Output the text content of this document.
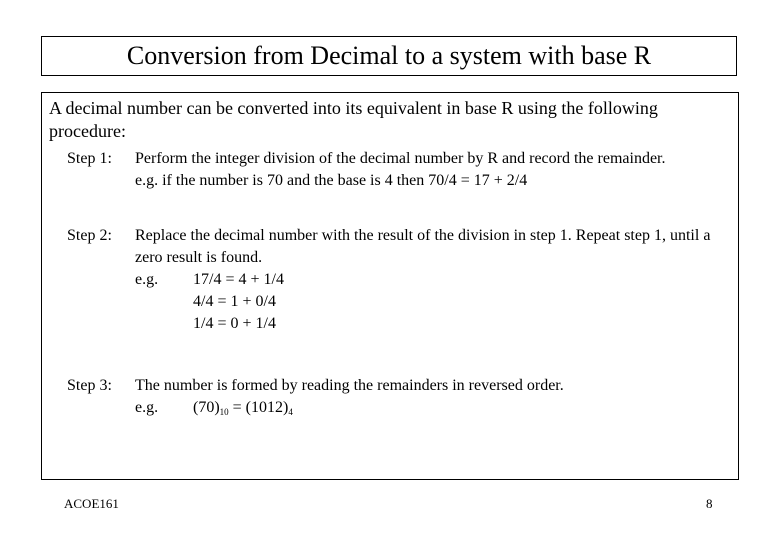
Conversion from Decimal to a system with base R
A decimal number can be converted into its equivalent in base R using the following procedure:
Step 1:	Perform the integer division of the decimal number by R and record the remainder.
e.g. if the number is 70 and the base is 4 then 70/4 = 17 + 2/4
Step 2:	Replace the decimal number with the result of the division in step 1. Repeat step 1, until a zero result is found.
e.g.	17/4 = 4 + 1/4
4/4 = 1 + 0/4
1/4 = 0 + 1/4
Step 3:	The number is formed by reading the remainders in reversed order.
e.g.	$(70)_{10} = (1012)_4$
ACOE161	8
